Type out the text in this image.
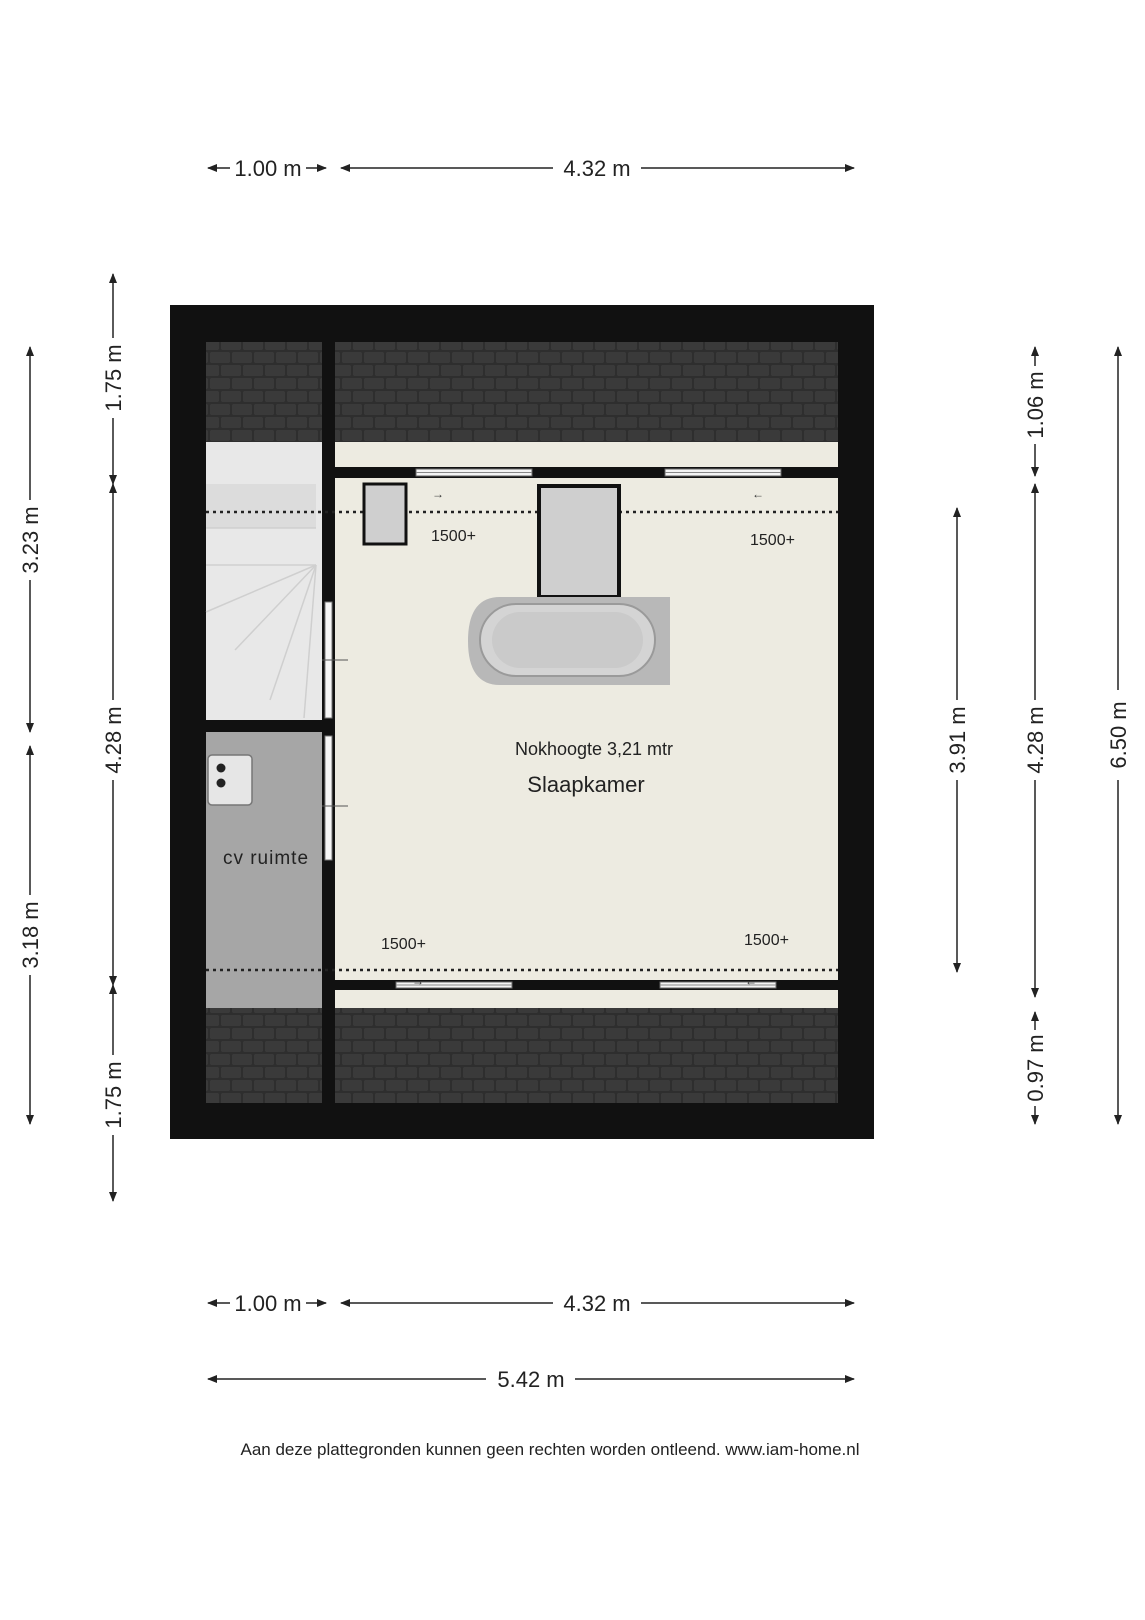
→	←
→	←
1500+	1500+
1500+	1500+
Nokhoogte 3,21 mtr
Slaapkamer
cv ruimte
1.00 m	4.32 m
1.00 m	4.32 m
5.42 m
3.23 m
3.18 m
1.75 m
4.28 m
1.75 m
3.91 m
1.06 m
4.28 m
0.97 m
6.50 m
Aan deze plattegronden kunnen geen rechten worden ontleend. www.iam-home.nl
